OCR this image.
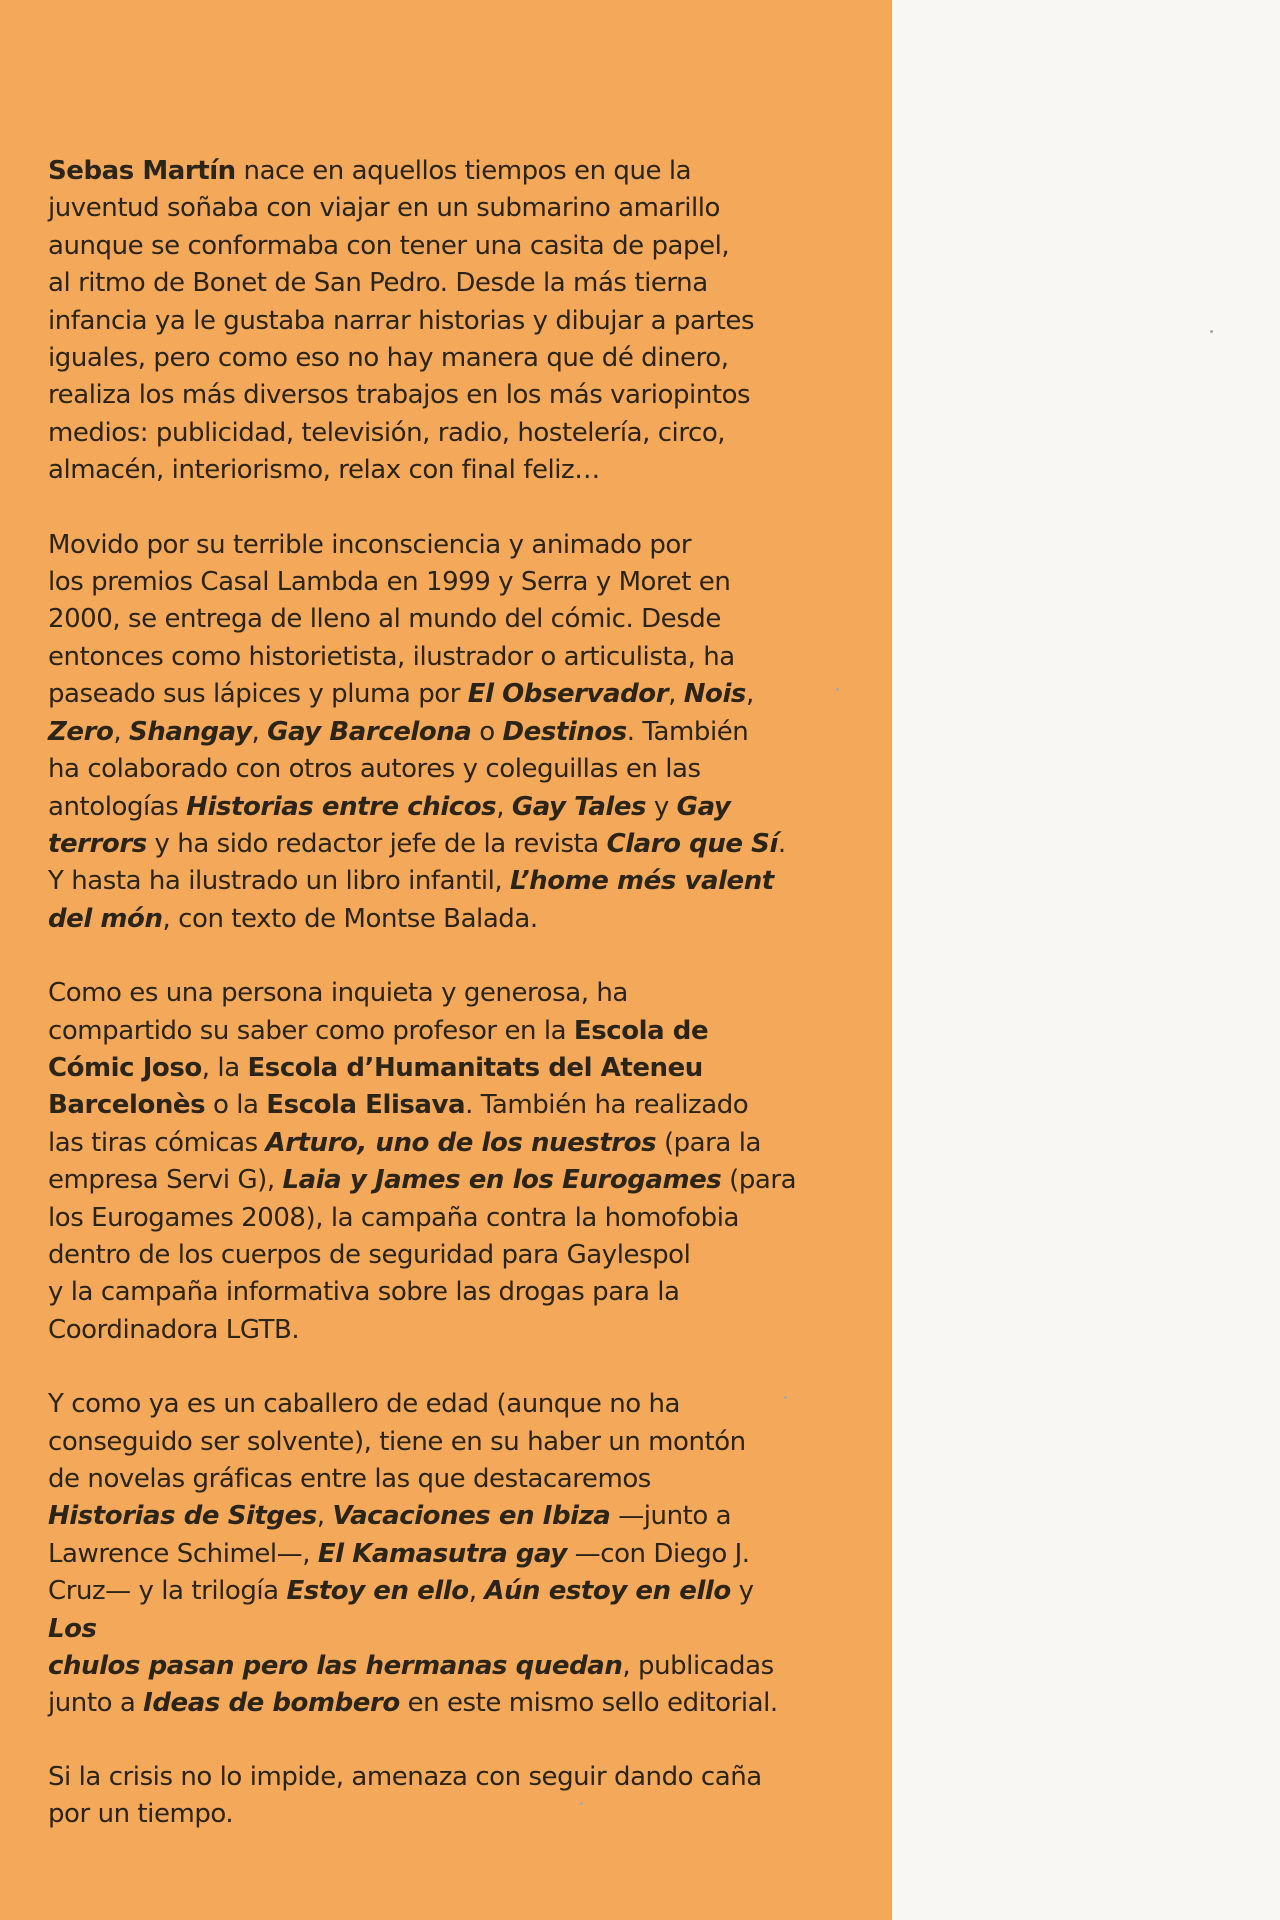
Sebas Martín nace en aquellos tiempos en que la
juventud soñaba con viajar en un submarino amarillo
aunque se conformaba con tener una casita de papel,
al ritmo de Bonet de San Pedro. Desde la más tierna
infancia ya le gustaba narrar historias y dibujar a partes
iguales, pero como eso no hay manera que dé dinero,
realiza los más diversos trabajos en los más variopintos
medios: publicidad, televisión, radio, hostelería, circo,
almacén, interiorismo, relax con final feliz…

Movido por su terrible inconsciencia y animado por
los premios Casal Lambda en 1999 y Serra y Moret en
2000, se entrega de lleno al mundo del cómic. Desde
entonces como historietista, ilustrador o articulista, ha
paseado sus lápices y pluma por El Observador, Nois,
Zero, Shangay, Gay Barcelona o Destinos. También
ha colaborado con otros autores y coleguillas en las
antologías Historias entre chicos, Gay Tales y Gay
terrors y ha sido redactor jefe de la revista Claro que Sí.
Y hasta ha ilustrado un libro infantil, L’home més valent
del món, con texto de Montse Balada.

Como es una persona inquieta y generosa, ha
compartido su saber como profesor en la Escola de
Cómic Joso, la Escola d’Humanitats del Ateneu
Barcelonès o la Escola Elisava. También ha realizado
las tiras cómicas Arturo, uno de los nuestros (para la
empresa Servi G), Laia y James en los Eurogames (para
los Eurogames 2008), la campaña contra la homofobia
dentro de los cuerpos de seguridad para Gaylespol
y la campaña informativa sobre las drogas para la
Coordinadora LGTB.

Y como ya es un caballero de edad (aunque no ha
conseguido ser solvente), tiene en su haber un montón
de novelas gráficas entre las que destacaremos
Historias de Sitges, Vacaciones en Ibiza —junto a
Lawrence Schimel—, El Kamasutra gay —con Diego J.
Cruz— y la trilogía Estoy en ello, Aún estoy en ello y Los
chulos pasan pero las hermanas quedan, publicadas
junto a Ideas de bombero en este mismo sello editorial.

Si la crisis no lo impide, amenaza con seguir dando caña
por un tiempo.
